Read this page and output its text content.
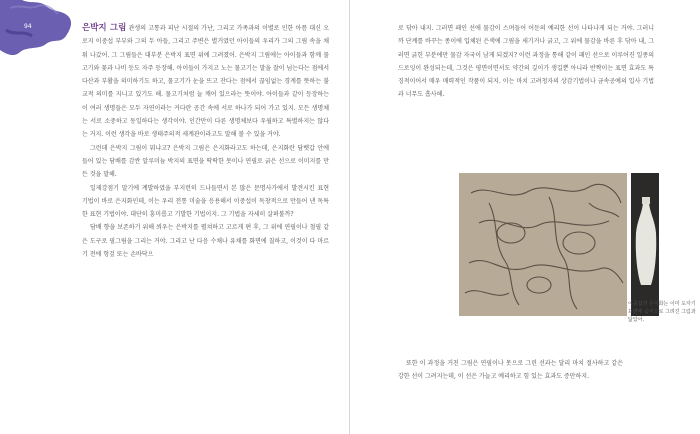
94	은박지 그림 관생의 고통과 피난 시절의 가난, 그리고 가족과의 이별로 인한 아픔 대신 오로지 이중섭 부부와 그의 두 아들, 그리고 주변은 별거였던 아이들의 우리가 그의 그림 속을 채워 나갔어. 그 그림들은 대부분 은박지 표면 위에 그려졌어. 은박지 그림에는 아이들과 함께 물고기와 꽃과 나비 등도 자주 등장해. 아이들이 가지고 노는 물고기는 말을 잘이 넘는다는 점에서 다산과 부활을 의미하기도 하고, 물고기가 눈을 뜨고 잔다는 점에서 끊임없는 경계를 뜻하는 불교적 의미를 지니고 있기도 해. 물고기처럼 늘 깨어 있으라는 뜻이야. 아이들과 같이 등장하는 이 여러 생명들은 모두 자연이라는 커다란 공간 속에 서로 하나가 되어 가고 있지. 모든 생명체는 서로 소중하고 동일하다는 생각이야. 인간만이 다른 생명체보다 우월하고 특별하지는 않다는 거지. 이런 생각을 바로 생태주의적 세계관이라고도 말해 볼 수 있을 거야.

그런데 은박지 그림이 뭐냐고? 은박지 그림은 은지화라고도 하는데, 은지화란 담뱃갑 안에 들어 있는 담배를 감싼 알루미늄 박지의 표면을 딱딱한 못이나 연필로 긁은 선으로 이미지를 만든 것을 말해.

일제강점기 말기에 계발하였을 부지런히 드나들면서 본 많은 문명사가에서 발견시킨 표현 기법이 바로 은지화인데, 이는 우리 전통 미술을 응용해서 이중섭이 독창적으로 만들어 낸 독특한 표현 기법이야. 대단히 흥미롭고 기발한 기법이지. 그 기법을 자세히 살펴볼까?

담배 향을 보존하기 위해 씌우는 은박지를 펼쳐하고 고르게 편 후, 그 위에 연필이나 철필 같은 도구로 필그림을 그리는 거야. 그리고 난 다음 수채나 유채를 화면에 칠하고, 이것이 다 마르기 전에 헝겊 또는 손바닥으

로 닦아 내지. 그러면 패인 선에 물감이 스며들어 어둔의 예리한 선이 나타나게 되는 거야. 그러니까 단계를 바꾸는 종이에 입체된 은색에 그림을 새기거나 긁고, 그 위에 물감을 바른 후 닦아 내, 그러면 긁힌 부분에만 물감 자국이 남게 되겠지? 이런 과정을 통해 같이 패인 선으로 이루어진 일종의 드로잉이 완성되는데, 그것은 평면이면서도 약간의 깊이가 생길뿐 아니라 반짝이는 표면 효과도 특징적이어서 매우 매력적인 작품이 되지. 이는 마치 고려청자의 상감기법이나 금속공예의 입사 기법과 너무도 흡사해.

이중섭의 은지화는 이미 도자기 표면에 음각으로 그려진 그림과 닮았어.

또한 이 과정을 거친 그림은 연필이나 못으로 그린 선과는 달리 마치 절사하고 같은 강한 선이 그려지는데, 이 선은 가늘고 예리하고 힘 있는 효과도 증만하지.
